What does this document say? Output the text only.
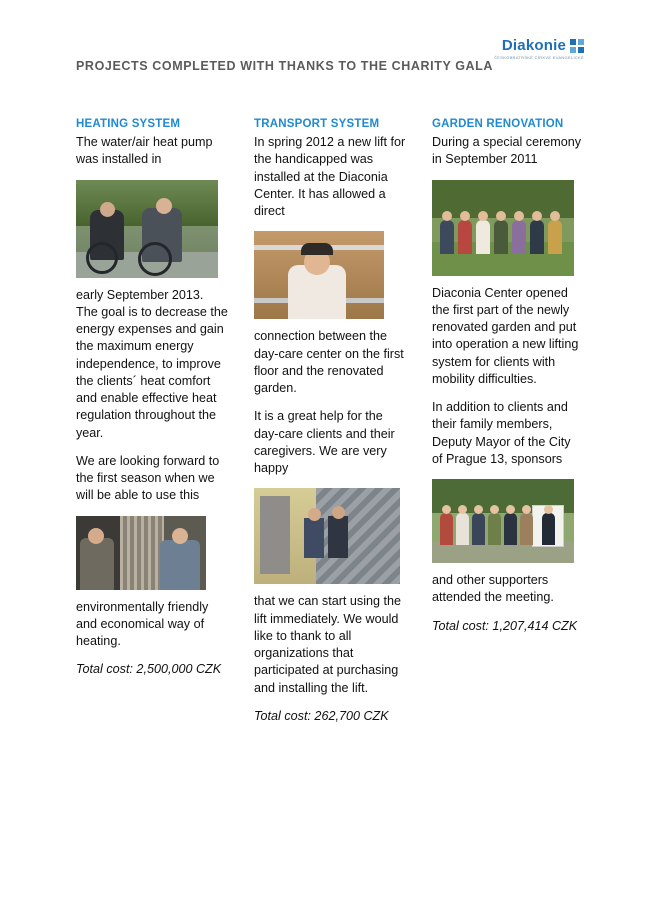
Diakonie
ČESKOBRATRSKÉ CÍRKVE EVANGELICKÉ
PROJECTS COMPLETED WITH THANKS TO THE CHARITY GALA
HEATING SYSTEM

The water/air heat pump was installed in

early September 2013. The goal is to decrease the energy expenses and gain the maximum energy independence, to improve the clients´ heat comfort and enable effective heat regulation throughout the year.

We are looking forward to the first season when we will be able to use this

environmentally friendly and economical way of heating.

Total cost: 2,500,000 CZK

TRANSPORT SYSTEM

In spring 2012 a new lift for the handicapped was installed at the Diaconia Center. It has allowed a direct

connection between the day-care center on the first floor and the renovated garden.

It is a great help for the day-care clients and their caregivers. We are very happy

that we can start using the lift immediately. We would like to thank to all organizations that participated at purchasing and installing the lift.

Total cost: 262,700 CZK

GARDEN RENOVATION

During a special ceremony in September 2011

Diaconia Center opened the first part of the newly renovated garden and put into operation a new lifting system for clients with mobility difficulties.

In addition to clients and their family members, Deputy Mayor of the City of Prague 13, sponsors

and other supporters attended the meeting.

Total cost: 1,207,414 CZK
